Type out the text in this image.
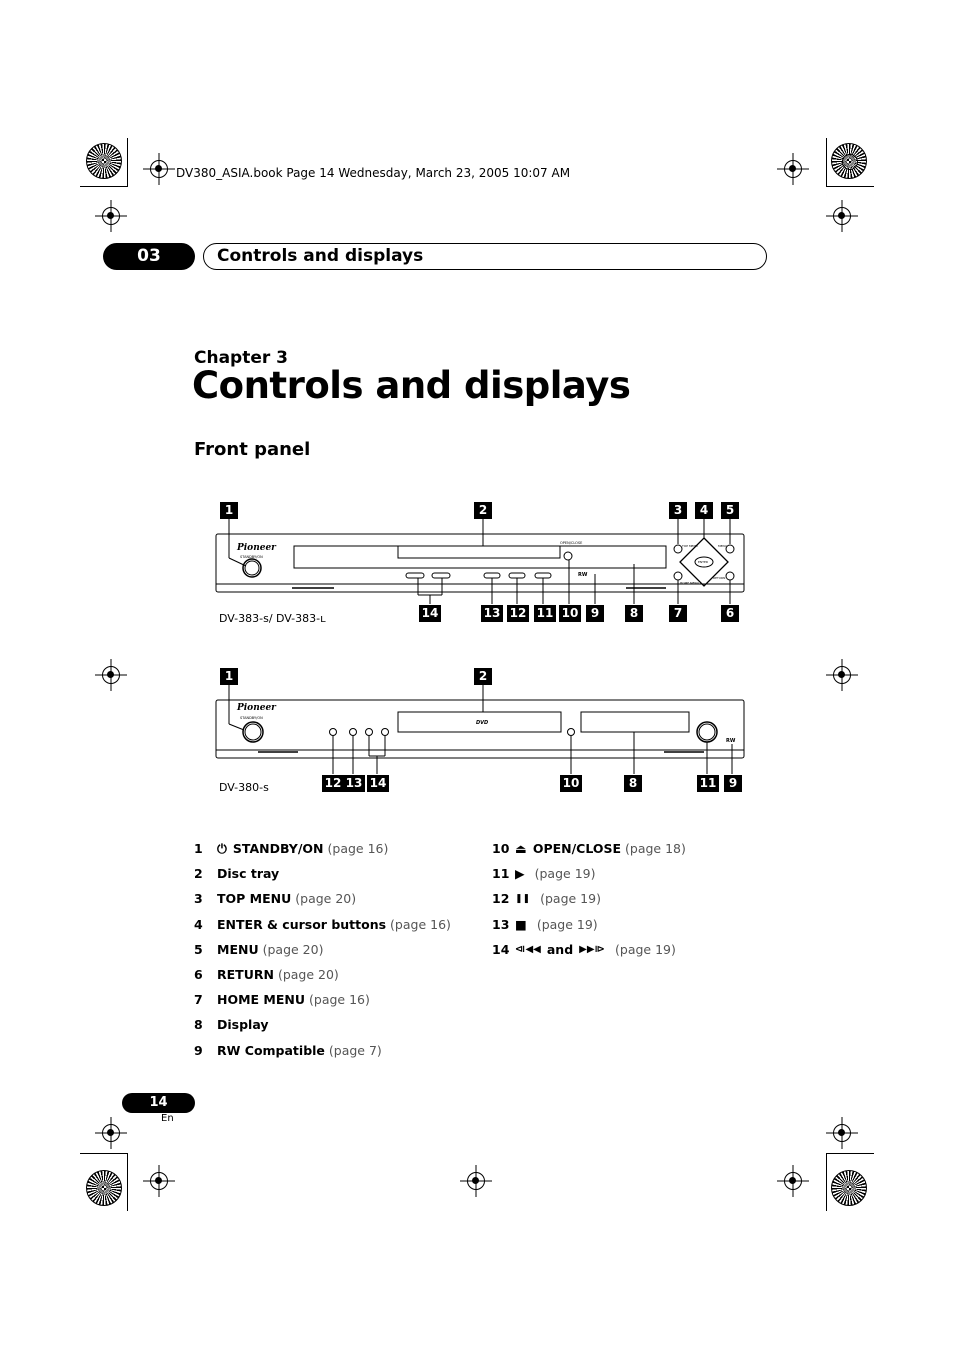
DV380_ASIA.book Page 14 Wednesday, March 23, 2005 10:07 AM
03	Controls and displays
Chapter 3
Controls and displays
Front panel
Pioneer
STANDBY/ON
OPEN/CLOSE
TOP MENU	MENU
ENTER
HOME MENU
RETURN
RW
1	2	3	4	5
14	13 12 11 10	9	8	7	6
DV-383-s/ DV-383-ʟ
Pioneer
STANDBY/ON
DVD
RW
1	2
12 13 14	10	8	11	9
DV-380-s
1	⏻ STANDBY/ON (page 16)
2	Disc tray
3	TOP MENU (page 20)
4	ENTER & cursor buttons (page 16)
5	MENU (page 20)
6	RETURN (page 20)
7	HOME MENU (page 16)
8	Display
9	RW Compatible (page 7)
10 ⏏ OPEN/CLOSE (page 18)
11 ▶ (page 19)
12 ❚❚ (page 19)
13 ■ (page 19)
14 ⧏◀◀ and ▶▶⧐ (page 19)
14
En
